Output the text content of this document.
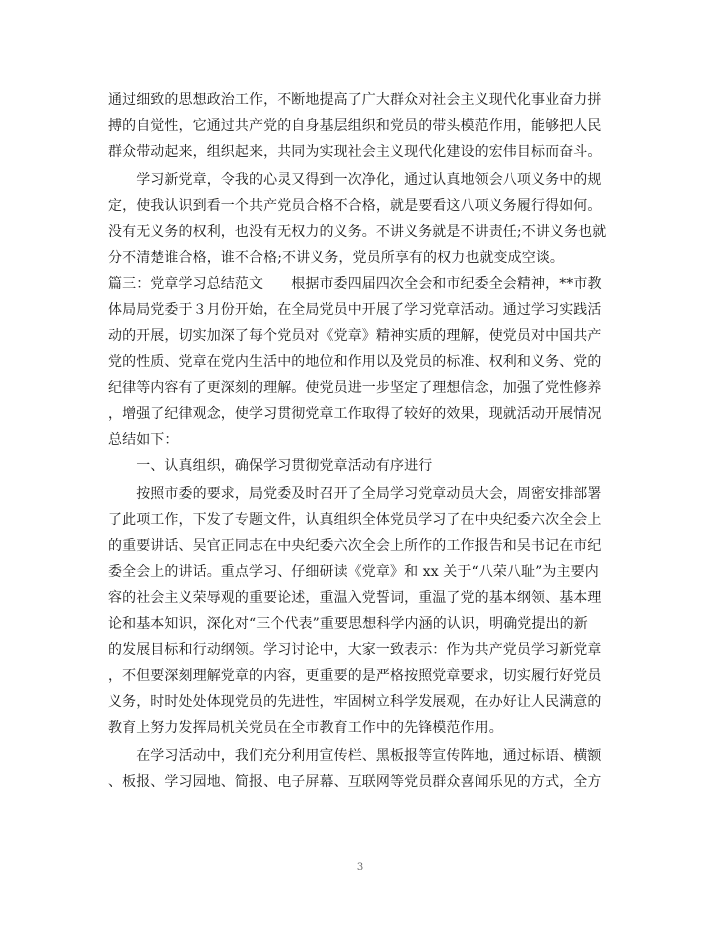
通过细致的思想政治工作，不断地提高了广大群众对社会主义现代化事业奋力拼
搏的自觉性，它通过共产党的自身基层组织和党员的带头模范作用，能够把人民
群众带动起来，组织起来，共同为实现社会主义现代化建设的宏伟目标而奋斗。
　　学习新党章，令我的心灵又得到一次净化，通过认真地领会八项义务中的规
定，使我认识到看一个共产党员合格不合格，就是要看这八项义务履行得如何。
没有无义务的权利，也没有无权力的义务。不讲义务就是不讲责任;不讲义务也就
分不清楚谁合格，谁不合格;不讲义务，党员所享有的权力也就变成空谈。
篇三：党章学习总结范文　　根据市委四届四次全会和市纪委全会精神，**市教
体局局党委于３月份开始，在全局党员中开展了学习党章活动。通过学习实践活
动的开展，切实加深了每个党员对《党章》精神实质的理解，使党员对中国共产
党的性质、党章在党内生活中的地位和作用以及党员的标准、权利和义务、党的
纪律等内容有了更深刻的理解。使党员进一步坚定了理想信念，加强了党性修养
，增强了纪律观念，使学习贯彻党章工作取得了较好的效果，现就活动开展情况
总结如下：
　　一、认真组织，确保学习贯彻党章活动有序进行
　　按照市委的要求，局党委及时召开了全局学习党章动员大会，周密安排部署
了此项工作，下发了专题文件，认真组织全体党员学习了在中央纪委六次全会上
的重要讲话、吴官正同志在中央纪委六次全会上所作的工作报告和吴书记在市纪
委全会上的讲话。重点学习、仔细研读《党章》和 xx 关于“八荣八耻”为主要内
容的社会主义荣辱观的重要论述，重温入党誓词，重温了党的基本纲领、基本理
论和基本知识，深化对“三个代表”重要思想科学内涵的认识，明确党提出的新
的发展目标和行动纲领。学习讨论中，大家一致表示：作为共产党员学习新党章
，不但要深刻理解党章的内容，更重要的是严格按照党章要求，切实履行好党员
义务，时时处处体现党员的先进性，牢固树立科学发展观，在办好让人民满意的
教育上努力发挥局机关党员在全市教育工作中的先锋模范作用。
　　在学习活动中，我们充分利用宣传栏、黑板报等宣传阵地，通过标语、横额
、板报、学习园地、简报、电子屏幕、互联网等党员群众喜闻乐见的方式，全方
3
